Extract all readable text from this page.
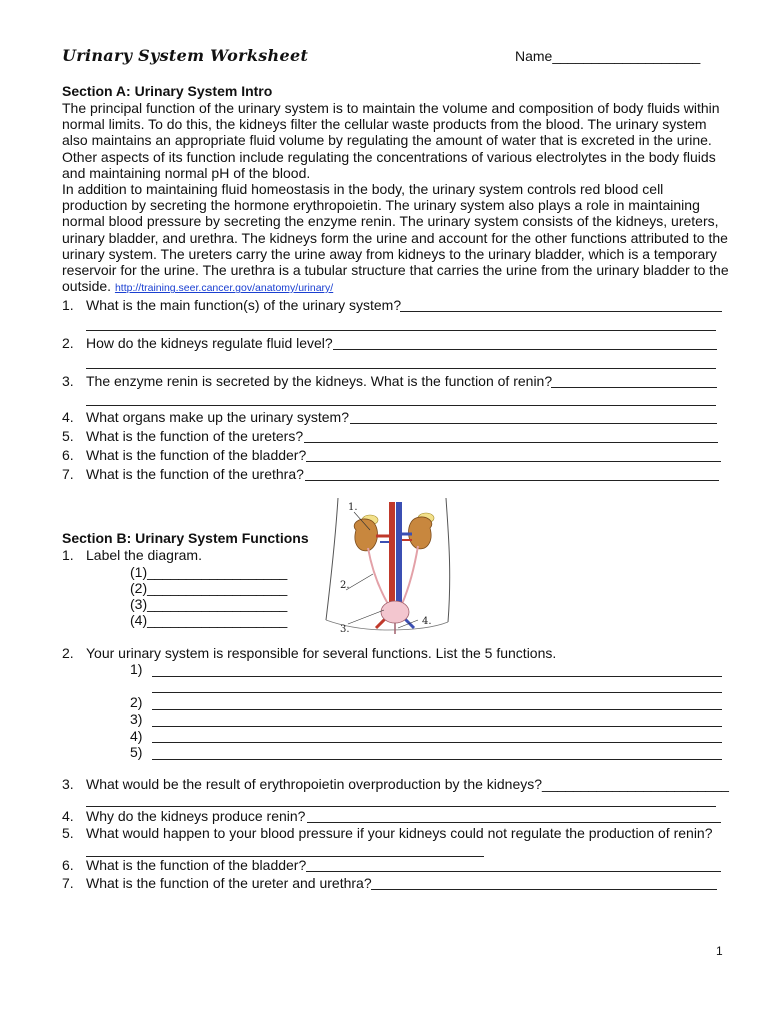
Urinary System Worksheet	Name___________________
Section A: Urinary System Intro
The principal function of the urinary system is to maintain the volume and composition of body fluids within
normal limits. To do this, the kidneys filter the cellular waste products from the blood. The urinary system
also maintains an appropriate fluid volume by regulating the amount of water that is excreted in the urine.
Other aspects of its function include regulating the concentrations of various electrolytes in the body fluids
and maintaining normal pH of the blood.
In addition to maintaining fluid homeostasis in the body, the urinary system controls red blood cell
production by secreting the hormone erythropoietin. The urinary system also plays a role in maintaining
normal blood pressure by secreting the enzyme renin. The urinary system consists of the kidneys, ureters,
urinary bladder, and urethra. The kidneys form the urine and account for the other functions attributed to the
urinary system. The ureters carry the urine away from kidneys to the urinary bladder, which is a temporary
reservoir for the urine. The urethra is a tubular structure that carries the urine from the urinary bladder to the
outside. http://training.seer.cancer.gov/anatomy/urinary/
1. What is the main function(s) of the urinary system?
2. How do the kidneys regulate fluid level?
3. The enzyme renin is secreted by the kidneys. What is the function of renin?
4. What organs make up the urinary system?
5. What is the function of the ureters?
6. What is the function of the bladder?
7. What is the function of the urethra?
Section B: Urinary System Functions
1. Label the diagram.
(1)__________________
(2)__________________
(3)__________________
(4)__________________
1.
2.
3.
4.
2. Your urinary system is responsible for several functions. List the 5 functions.
1)
2)
3)
4)
5)
3. What would be the result of erythropoietin overproduction by the kidneys?________________________
4. Why do the kidneys produce renin?
5. What would happen to your blood pressure if your kidneys could not regulate the production of renin?
6. What is the function of the bladder?
7. What is the function of the ureter and urethra?
1
